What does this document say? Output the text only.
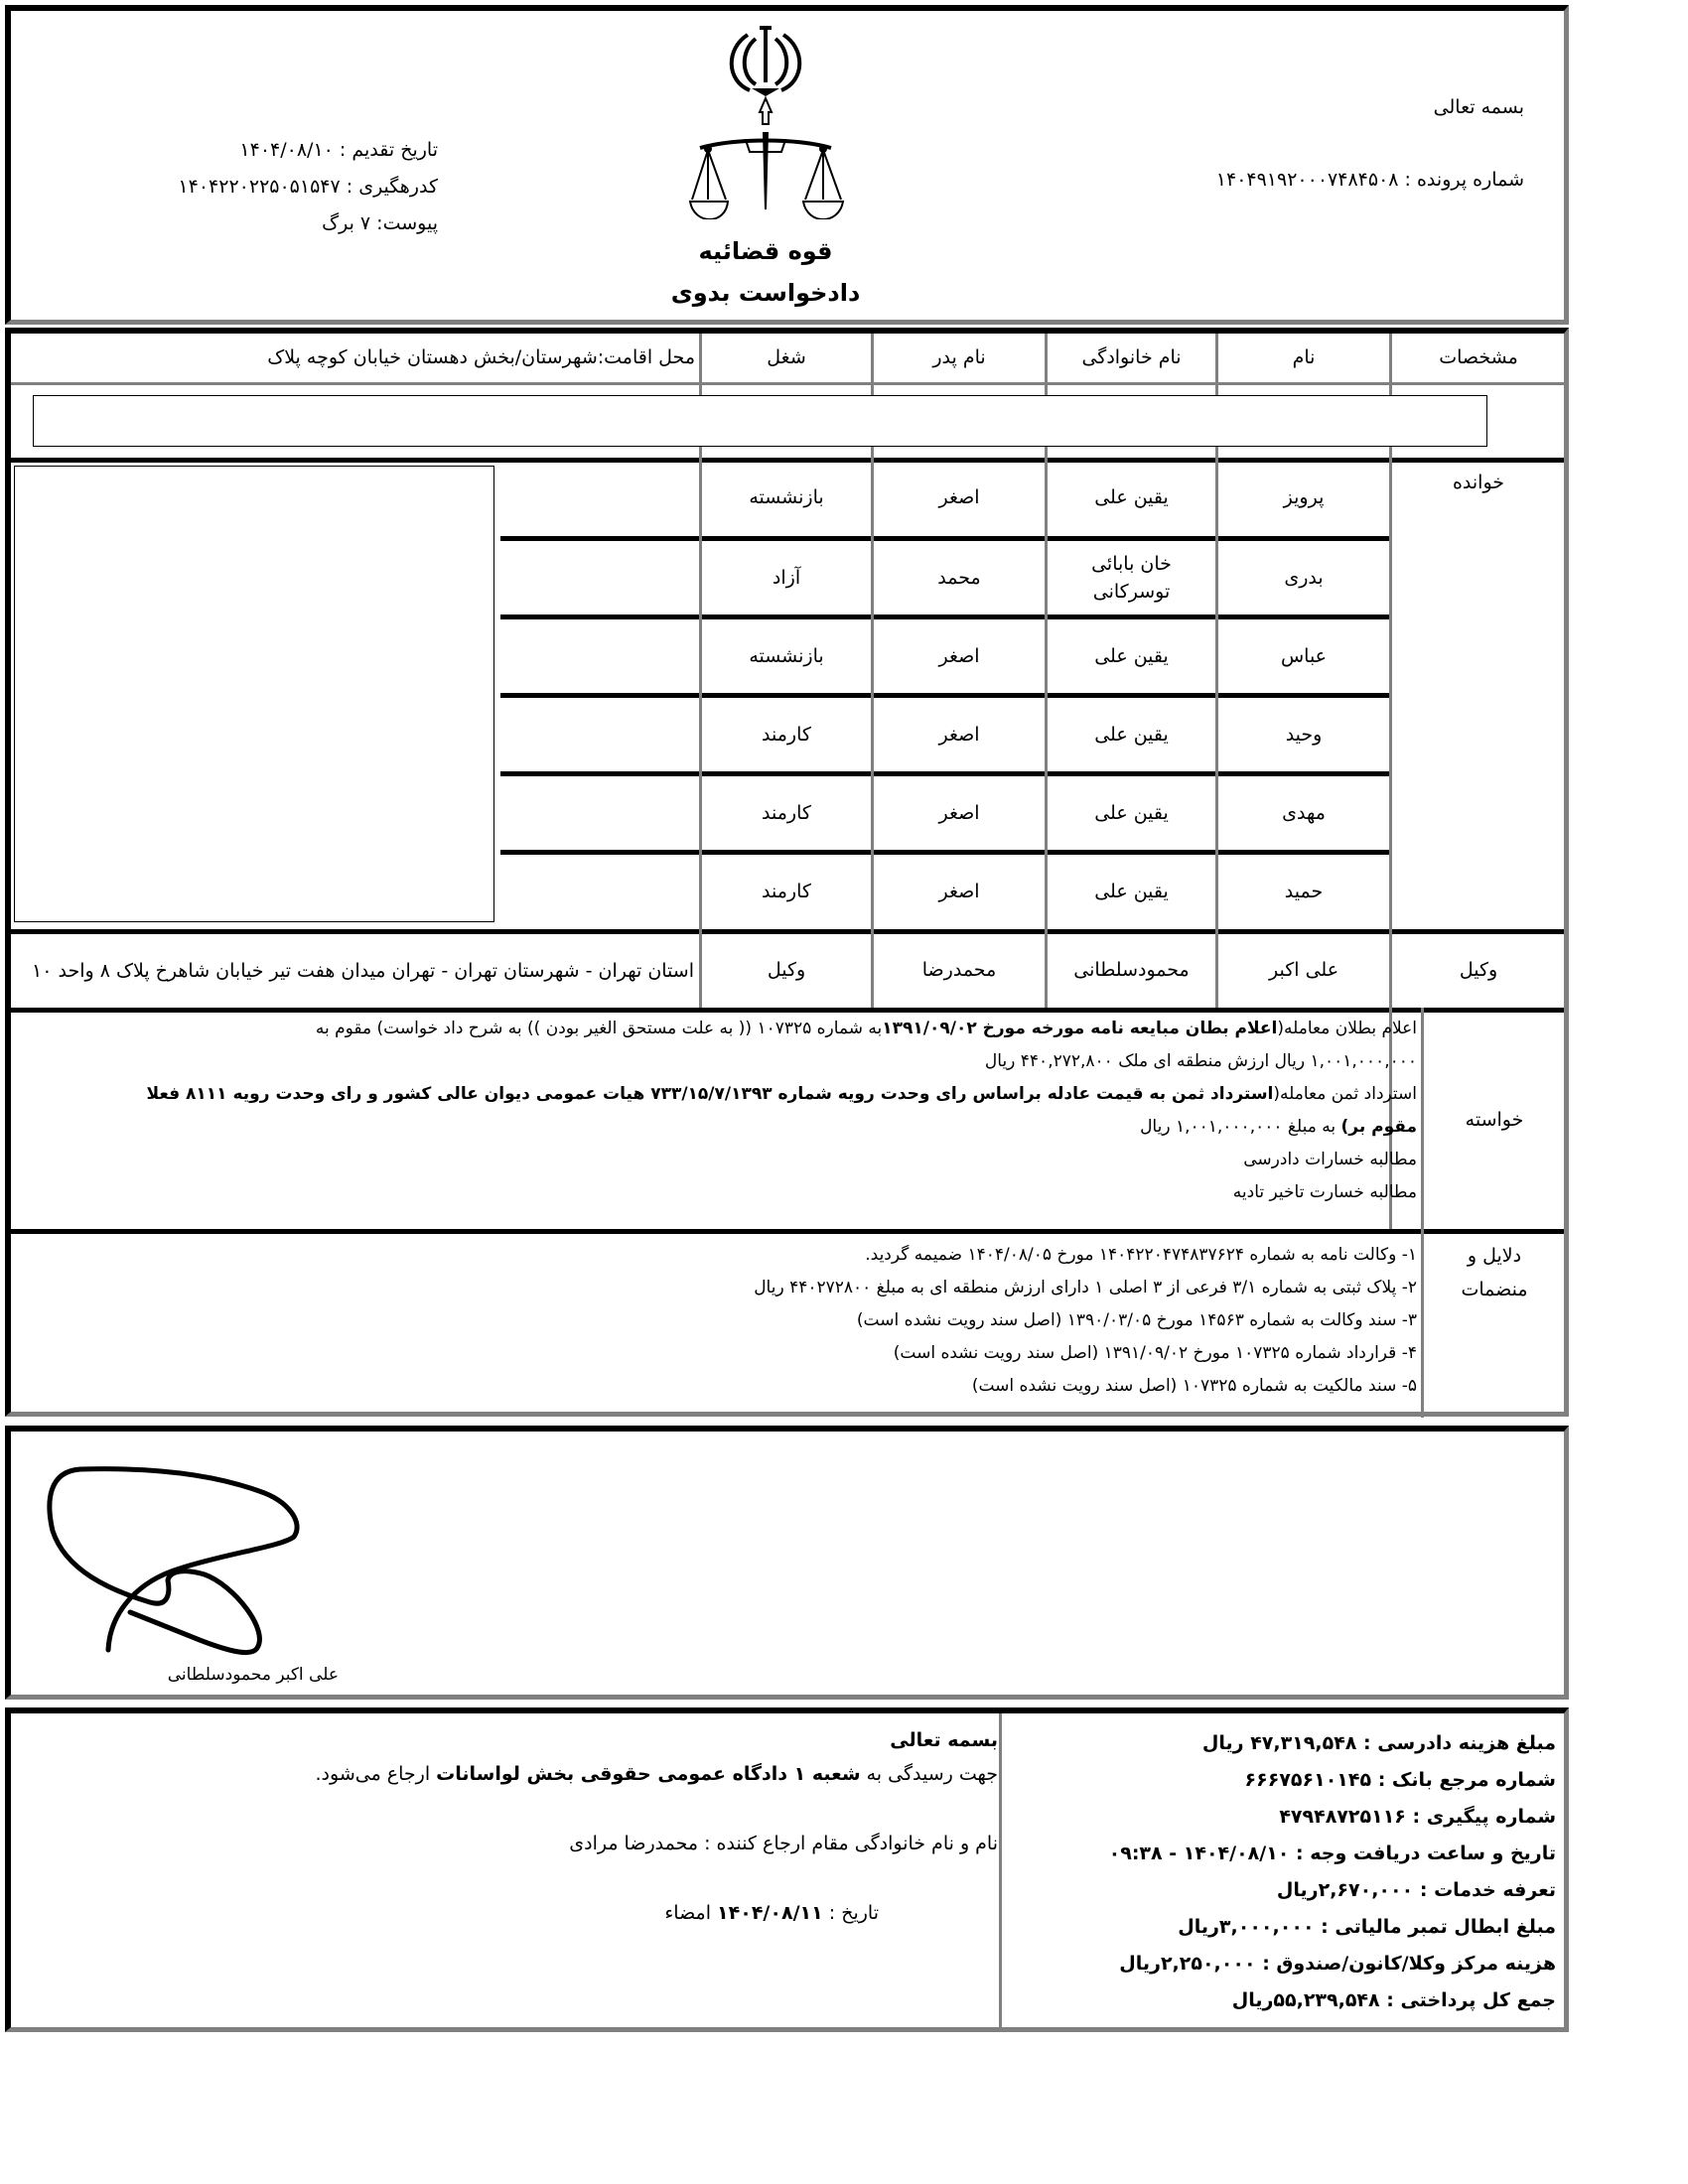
قوه قضائیه
دادخواست بدوی
بسمه تعالی
شماره پرونده : ۱۴۰۴۹۱۹۲۰۰۰۷۴۸۴۵۰۸
تاریخ تقدیم : ۱۴۰۴/۰۸/۱۰
کدرهگیری : ۱۴۰۴۲۲۰۲۲۵۰۵۱۵۴۷
پیوست: ۷ برگ
مشخصات
نام
نام خانوادگی
نام پدر
شغل
محل اقامت:شهرستان/بخش دهستان خیابان کوچه پلاک
خوانده
پرویز
یقین علی
اصغر
بازنشسته
بدری
خان بابائی توسرکانی
محمد
آزاد
عباس
یقین علی
اصغر
بازنشسته
وحید
یقین علی
اصغر
کارمند
مهدی
یقین علی
اصغر
کارمند
حمید
یقین علی
اصغر
کارمند
وکیل
علی اکبر
محمودسلطانی
محمدرضا
وکیل
استان تهران - شهرستان تهران - تهران میدان هفت تیر خیابان شاهرخ پلاک ۸ واحد ۱۰
خواسته
اعلام بطلان معامله(اعلام بطان مبایعه نامه مورخه مورخ ۱۳۹۱/۰۹/۰۲به شماره ۱۰۷۳۲۵ (( به علت مستحق الغیر بودن )) به شرح داد خواست) مقوم به
۱,۰۰۱,۰۰۰,۰۰۰ ریال ارزش منطقه ای ملک ۴۴۰,۲۷۲,۸۰۰ ریال
استرداد ثمن معامله(استرداد ثمن به قیمت عادله براساس رای وحدت رویه شماره ۷۳۳/۱۵/۷/۱۳۹۳ هیات عمومی دیوان عالی کشور و رای وحدت رویه ۸۱۱۱ فعلا
مقوم بر) به مبلغ ۱,۰۰۱,۰۰۰,۰۰۰ ریال
مطالبه خسارات دادرسی
مطالبه خسارت تاخیر تادیه
دلایل و
منضمات
۱- وکالت نامه به شماره ۱۴۰۴۲۲۰۴۷۴۸۳۷۶۲۴ مورخ ۱۴۰۴/۰۸/۰۵ ضمیمه گردید.
۲- پلاک ثبتی به شماره ۳/۱ فرعی از ۳ اصلی ۱ دارای ارزش منطقه ای به مبلغ ۴۴۰۲۷۲۸۰۰ ریال
۳- سند وکالت به شماره ۱۴۵۶۳ مورخ ۱۳۹۰/۰۳/۰۵ (اصل سند رویت نشده است)
۴- قرارداد شماره ۱۰۷۳۲۵ مورخ ۱۳۹۱/۰۹/۰۲ (اصل سند رویت نشده است)
۵- سند مالکیت به شماره ۱۰۷۳۲۵ (اصل سند رویت نشده است)
علی اکبر محمودسلطانی
مبلغ هزینه دادرسی : ۴۷,۳۱۹,۵۴۸ ریال
شماره مرجع بانک : ۶۶۶۷۵۶۱۰۱۴۵
شماره پیگیری : ۴۷۹۴۸۷۲۵۱۱۶
تاریخ و ساعت دریافت وجه : ۱۴۰۴/۰۸/۱۰ - ۰۹:۳۸
تعرفه خدمات : ۲,۶۷۰,۰۰۰ریال
مبلغ ابطال تمبر مالیاتی : ۳,۰۰۰,۰۰۰ریال
هزینه مرکز وکلا/کانون/صندوق : ۲,۲۵۰,۰۰۰ریال
جمع کل پرداختی : ۵۵,۲۳۹,۵۴۸ریال
بسمه تعالی
جهت رسیدگی به شعبه ۱ دادگاه عمومی حقوقی بخش لواسانات ارجاع می‌شود.
نام و نام خانوادگی مقام ارجاع کننده : محمدرضا مرادی
تاریخ : ۱۴۰۴/۰۸/۱۱ امضاء
